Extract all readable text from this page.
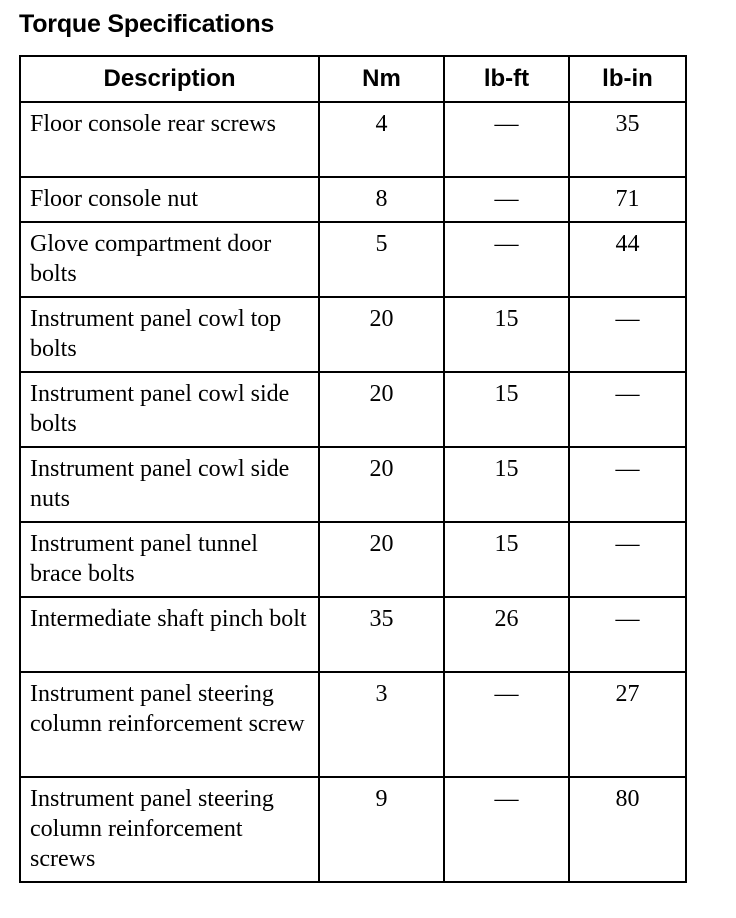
Torque Specifications
Description	Nm	lb-ft	lb-in
Floor console rear screws	4	—	35
Floor console nut	8	—	71
Glove compartment door bolts	5	—	44
Instrument panel cowl top bolts	20	15	—
Instrument panel cowl side bolts	20	15	—
Instrument panel cowl side nuts	20	15	—
Instrument panel tunnel brace bolts	20	15	—
Intermediate shaft pinch bolt	35	26	—
Instrument panel steering column reinforcement screw	3	—	27
Instrument panel steering column reinforcement screws	9	—	80
